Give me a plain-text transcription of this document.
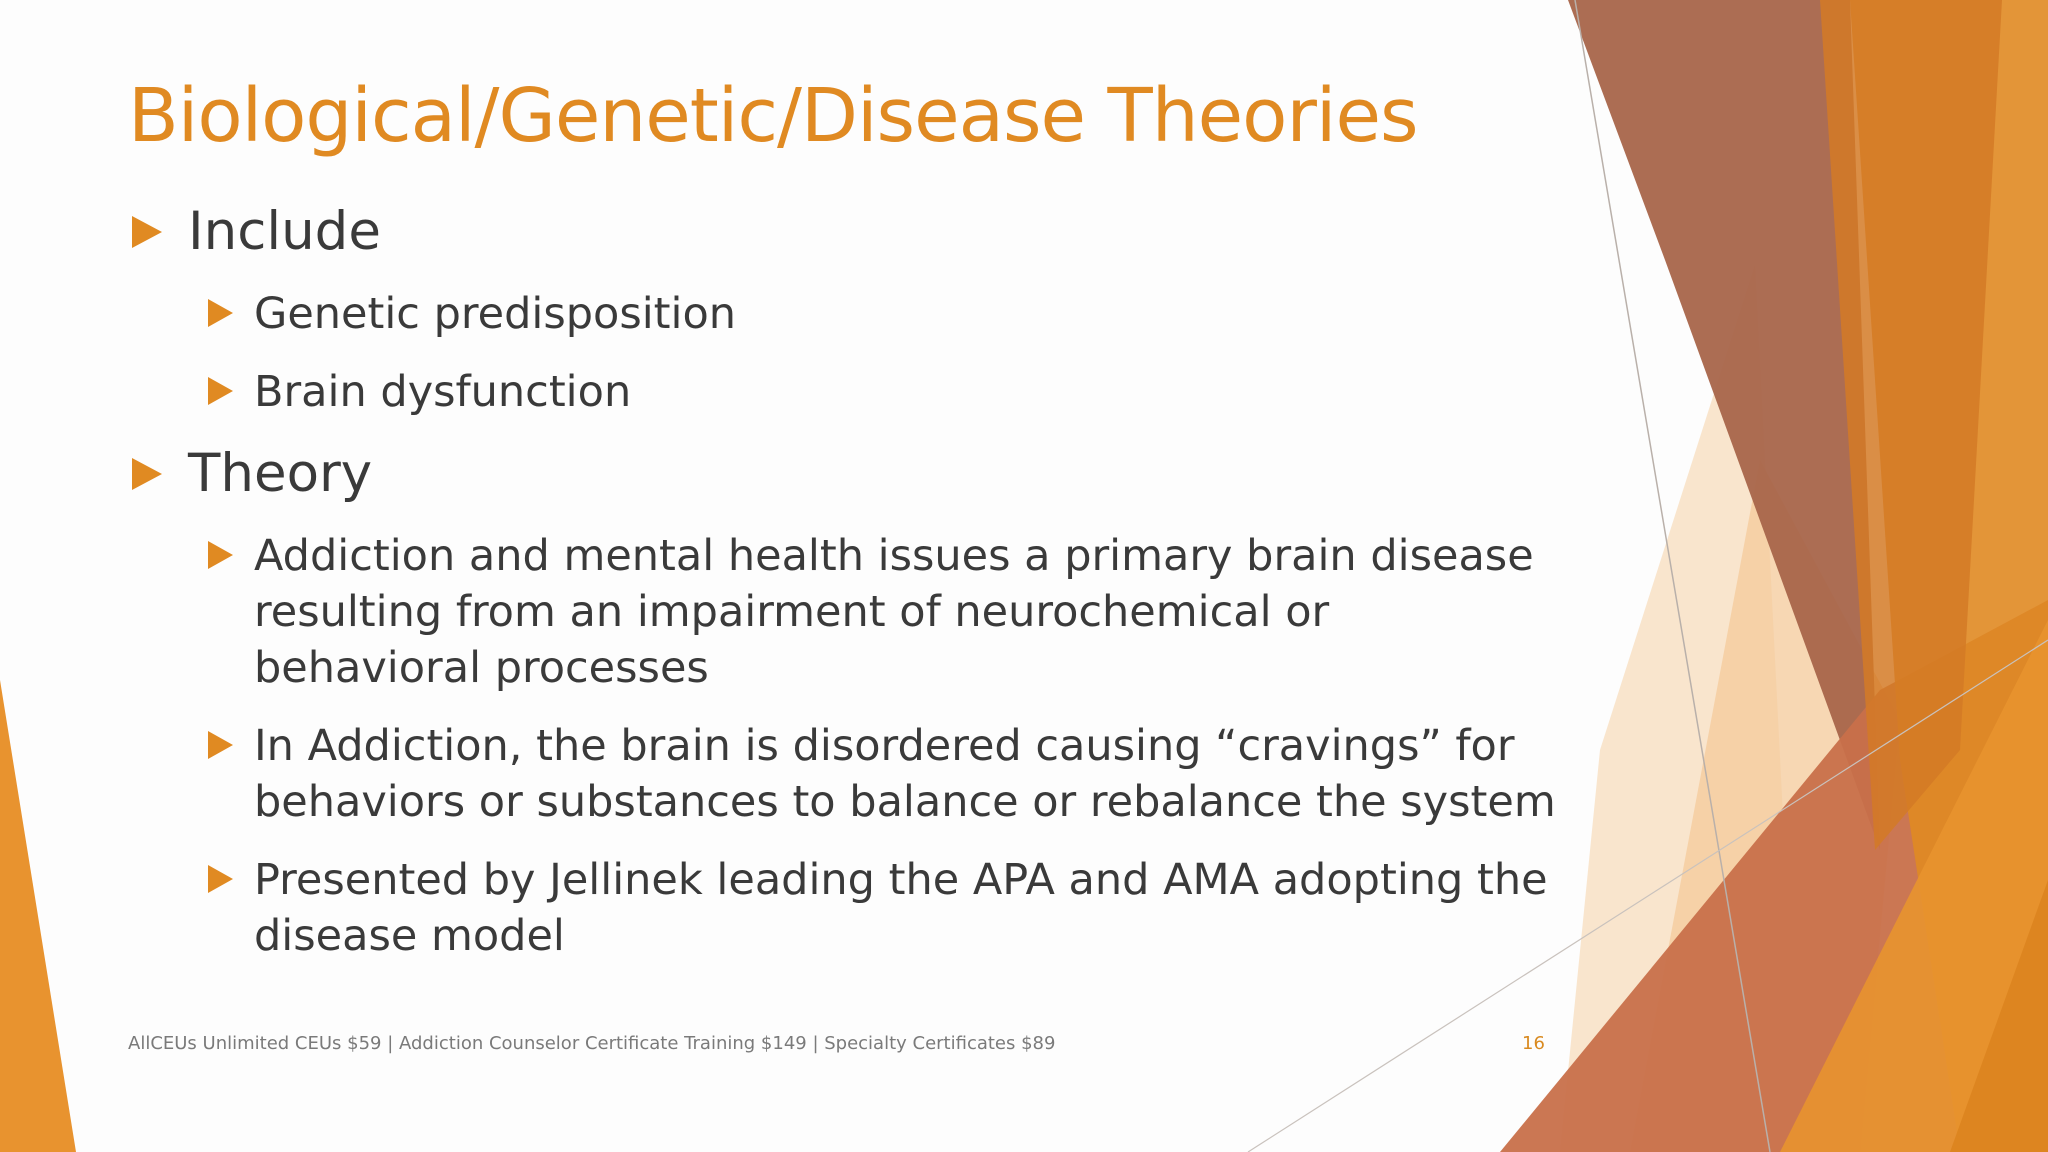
Biological/Genetic/Disease Theories
Include
Genetic predisposition
Brain dysfunction
Theory
Addiction and mental health issues a primary brain disease resulting from an impairment of neurochemical or behavioral processes
In Addiction, the brain is disordered causing “cravings” for behaviors or substances to balance or rebalance the system
Presented by Jellinek leading the APA and AMA adopting the disease model
AllCEUs Unlimited CEUs $59 | Addiction Counselor Certificate Training $149 | Specialty Certificates $89	16
